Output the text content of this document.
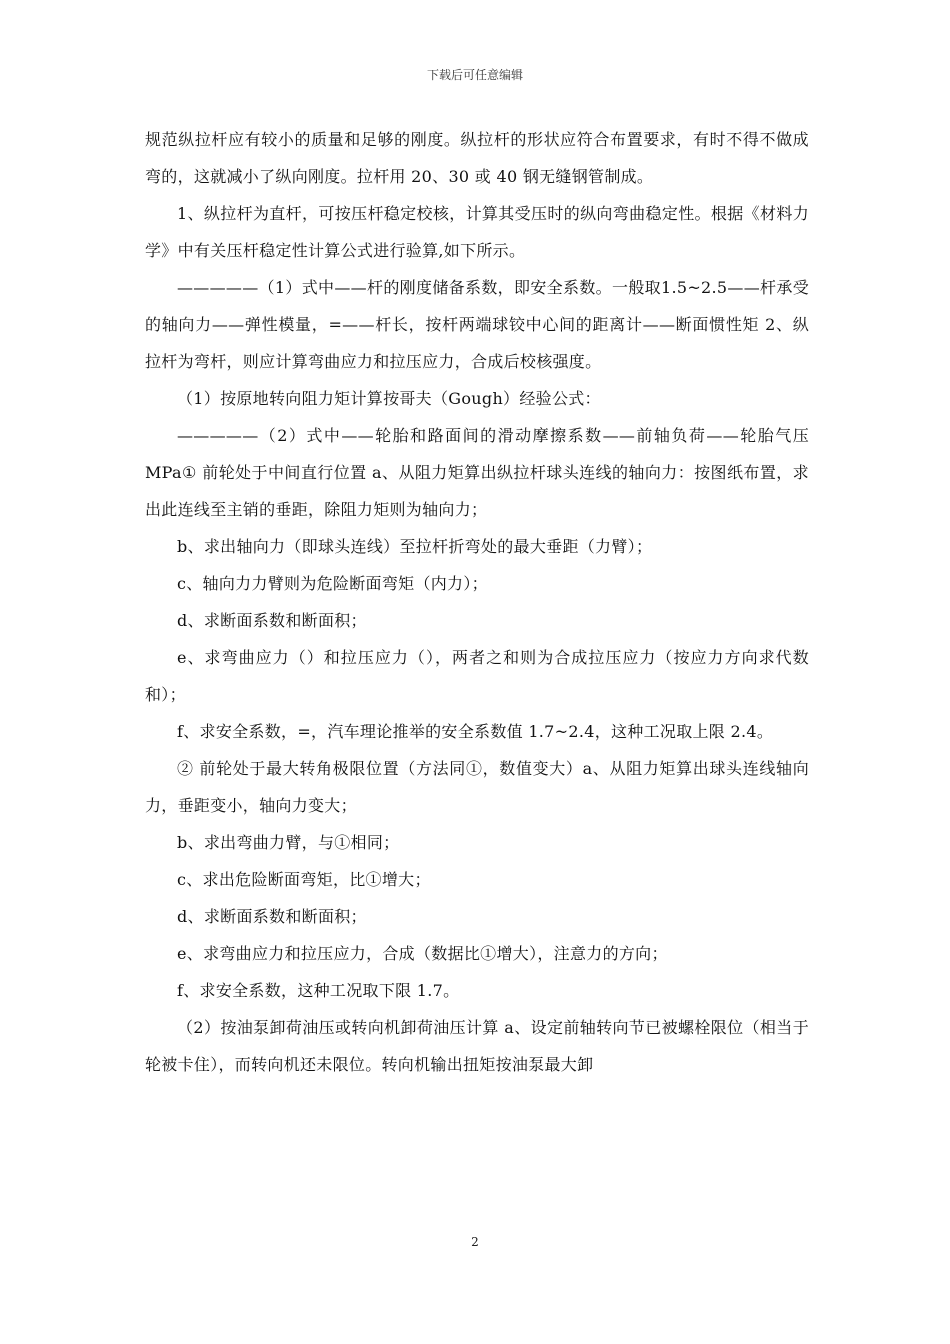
下载后可任意编辑

规范纵拉杆应有较小的质量和足够的刚度。纵拉杆的形状应符合布置要求，有时不得不做成弯的，这就减小了纵向刚度。拉杆用 20、30 或 40 钢无缝钢管制成。

1、纵拉杆为直杆，可按压杆稳定校核，计算其受压时的纵向弯曲稳定性。根据《材料力学》中有关压杆稳定性计算公式进行验算,如下所示。

—————（1）式中——杆的刚度储备系数，即安全系数。一般取1.5~2.5——杆承受的轴向力——弹性模量，=——杆长，按杆两端球铰中心间的距离计——断面惯性矩 2、纵拉杆为弯杆，则应计算弯曲应力和拉压应力，合成后校核强度。

（1）按原地转向阻力矩计算按哥夫（Gough）经验公式：

—————（2）式中——轮胎和路面间的滑动摩擦系数——前轴负荷——轮胎气压 MPa① 前轮处于中间直行位置 a、从阻力矩算出纵拉杆球头连线的轴向力：按图纸布置，求出此连线至主销的垂距，除阻力矩则为轴向力；

b、求出轴向力（即球头连线）至拉杆折弯处的最大垂距（力臂）；

c、轴向力力臂则为危险断面弯矩（内力）；

d、求断面系数和断面积；

e、求弯曲应力（）和拉压应力（），两者之和则为合成拉压应力（按应力方向求代数和）；

f、求安全系数，=，汽车理论推举的安全系数值 1.7~2.4，这种工况取上限 2.4。

② 前轮处于最大转角极限位置（方法同①，数值变大）a、从阻力矩算出球头连线轴向力，垂距变小，轴向力变大；

b、求出弯曲力臂，与①相同；

c、求出危险断面弯矩，比①增大；

d、求断面系数和断面积；

e、求弯曲应力和拉压应力，合成（数据比①增大），注意力的方向；

f、求安全系数，这种工况取下限 1.7。

（2）按油泵卸荷油压或转向机卸荷油压计算 a、设定前轴转向节已被螺栓限位（相当于轮被卡住），而转向机还未限位。转向机输出扭矩按油泵最大卸

2
